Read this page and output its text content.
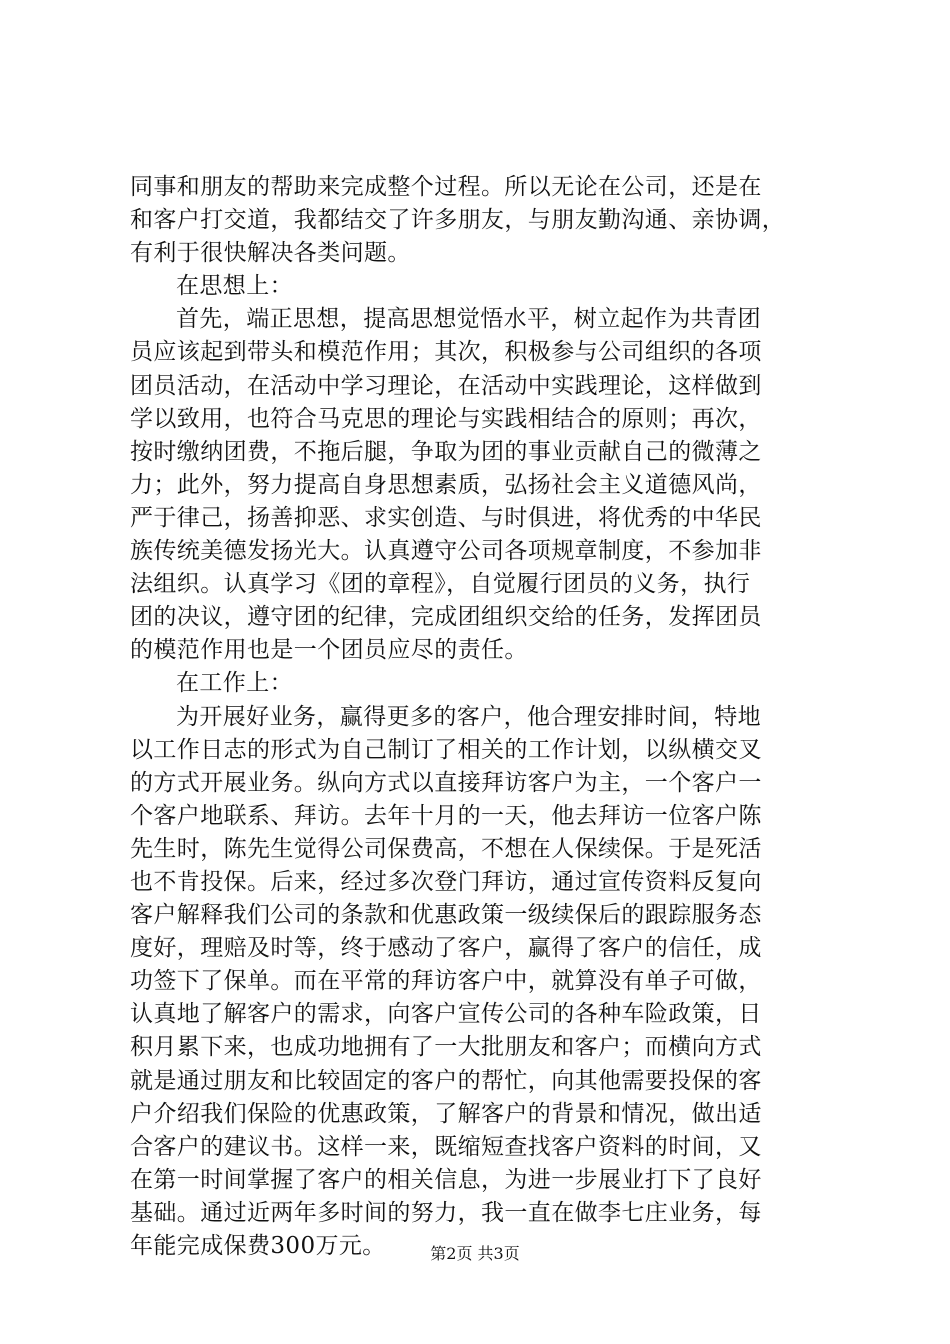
同事和朋友的帮助来完成整个过程。所以无论在公司，还是在
和客户打交道，我都结交了许多朋友，与朋友勤沟通、亲协调，
有利于很快解决各类问题。
在思想上：
首先，端正思想，提高思想觉悟水平，树立起作为共青团
员应该起到带头和模范作用；其次，积极参与公司组织的各项
团员活动，在活动中学习理论，在活动中实践理论，这样做到
学以致用，也符合马克思的理论与实践相结合的原则；再次，
按时缴纳团费，不拖后腿，争取为团的事业贡献自己的微薄之
力；此外，努力提高自身思想素质，弘扬社会主义道德风尚，
严于律己，扬善抑恶、求实创造、与时俱进，将优秀的中华民
族传统美德发扬光大。认真遵守公司各项规章制度，不参加非
法组织。认真学习《团的章程》，自觉履行团员的义务，执行
团的决议，遵守团的纪律，完成团组织交给的任务，发挥团员
的模范作用也是一个团员应尽的责任。
在工作上：
为开展好业务，赢得更多的客户，他合理安排时间，特地
以工作日志的形式为自己制订了相关的工作计划，以纵横交叉
的方式开展业务。纵向方式以直接拜访客户为主，一个客户一
个客户地联系、拜访。去年十月的一天，他去拜访一位客户陈
先生时，陈先生觉得公司保费高，不想在人保续保。于是死活
也不肯投保。后来，经过多次登门拜访，通过宣传资料反复向
客户解释我们公司的条款和优惠政策一级续保后的跟踪服务态
度好，理赔及时等，终于感动了客户，赢得了客户的信任，成
功签下了保单。而在平常的拜访客户中，就算没有单子可做，
认真地了解客户的需求，向客户宣传公司的各种车险政策，日
积月累下来，也成功地拥有了一大批朋友和客户；而横向方式
就是通过朋友和比较固定的客户的帮忙，向其他需要投保的客
户介绍我们保险的优惠政策，了解客户的背景和情况，做出适
合客户的建议书。这样一来，既缩短查找客户资料的时间，又
在第一时间掌握了客户的相关信息，为进一步展业打下了良好
基础。通过近两年多时间的努力，我一直在做李七庄业务，每
年能完成保费300万元。	第2页 共3页
